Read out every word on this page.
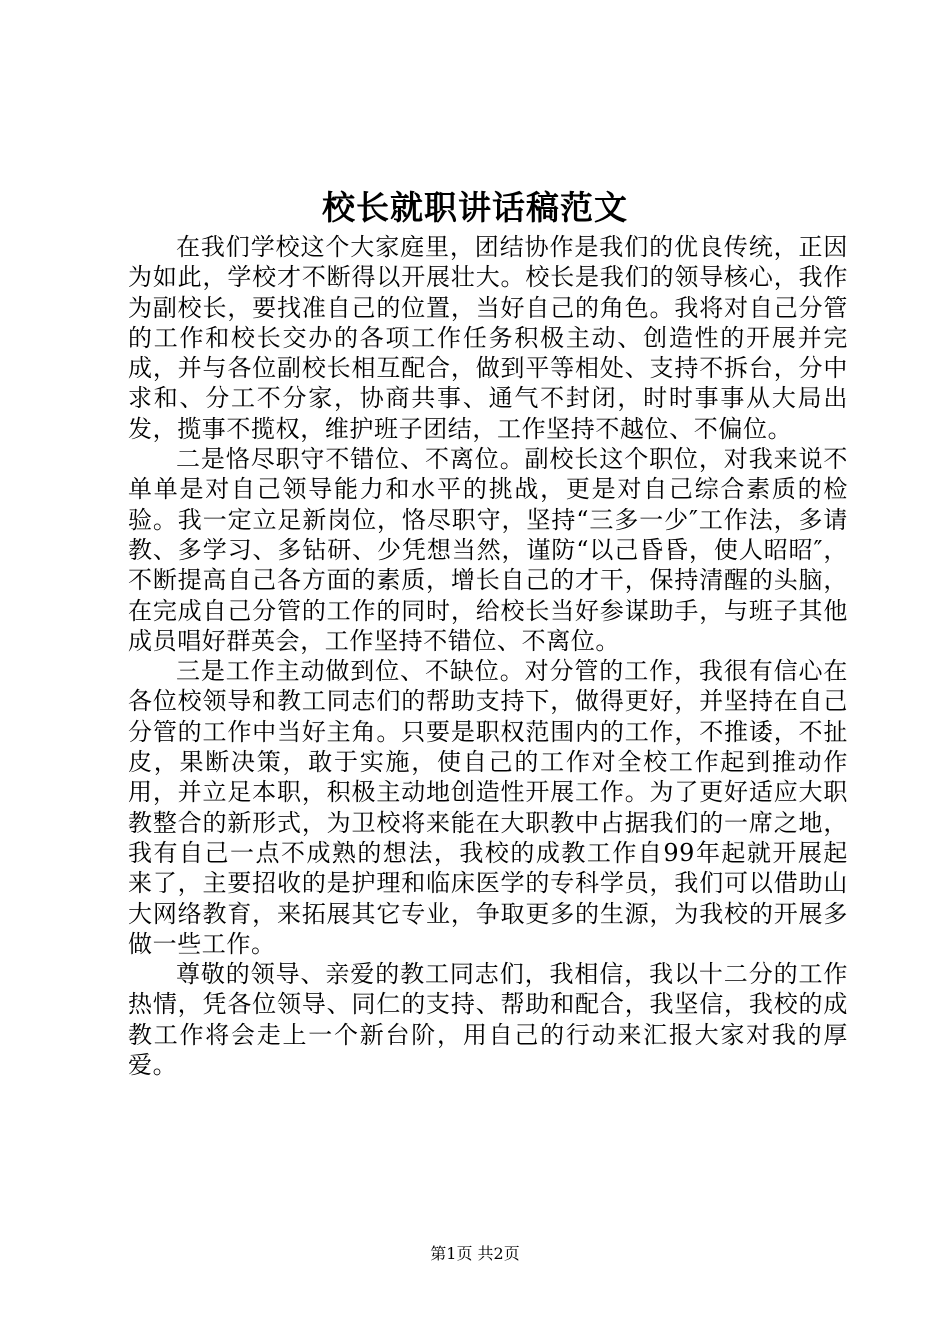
校长就职讲话稿范文

在我们学校这个大家庭里，团结协作是我们的优良传统，正因为如此，学校才不断得以开展壮大。校长是我们的领导核心，我作为副校长，要找准自己的位置，当好自己的角色。我将对自己分管的工作和校长交办的各项工作任务积极主动、创造性的开展并完成，并与各位副校长相互配合，做到平等相处、支持不拆台，分中求和、分工不分家，协商共事、通气不封闭，时时事事从大局出发，揽事不揽权，维护班子团结，工作坚持不越位、不偏位。

二是恪尽职守不错位、不离位。副校长这个职位，对我来说不单单是对自己领导能力和水平的挑战，更是对自己综合素质的检验。我一定立足新岗位，恪尽职守，坚持“三多一少″工作法，多请教、多学习、多钻研、少凭想当然，谨防“以己昏昏，使人昭昭″，不断提高自己各方面的素质，增长自己的才干，保持清醒的头脑，在完成自己分管的工作的同时，给校长当好参谋助手，与班子其他成员唱好群英会，工作坚持不错位、不离位。

三是工作主动做到位、不缺位。对分管的工作，我很有信心在各位校领导和教工同志们的帮助支持下，做得更好，并坚持在自己分管的工作中当好主角。只要是职权范围内的工作，不推诿，不扯皮，果断决策，敢于实施，使自己的工作对全校工作起到推动作用，并立足本职，积极主动地创造性开展工作。为了更好适应大职教整合的新形式，为卫校将来能在大职教中占据我们的一席之地，我有自己一点不成熟的想法，我校的成教工作自99年起就开展起来了，主要招收的是护理和临床医学的专科学员，我们可以借助山大网络教育，来拓展其它专业，争取更多的生源，为我校的开展多做一些工作。

尊敬的领导、亲爱的教工同志们，我相信，我以十二分的工作热情，凭各位领导、同仁的支持、帮助和配合，我坚信，我校的成教工作将会走上一个新台阶，用自己的行动来汇报大家对我的厚爱。

第1页 共2页
